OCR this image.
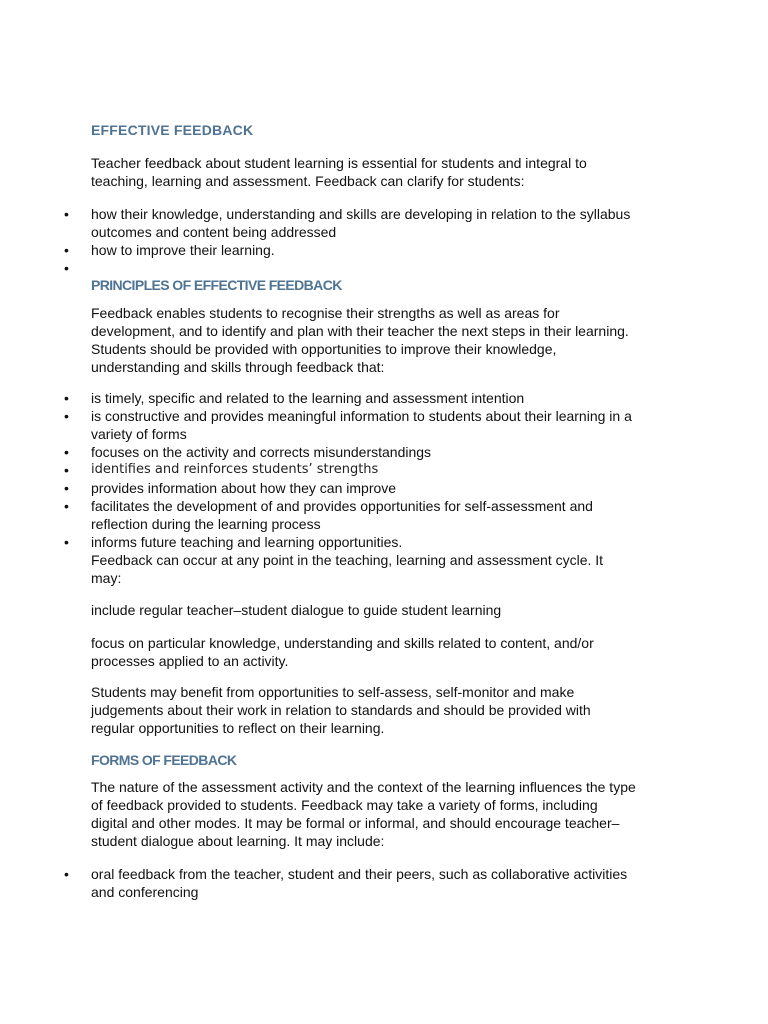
EFFECTIVE FEEDBACK

Teacher feedback about student learning is essential for students and integral to

teaching, learning and assessment. Feedback can clarify for students:

• how their knowledge, understanding and skills are developing in relation to the syllabus
outcomes and content being addressed
• how to improve their learning.
•
PRINCIPLES OF EFFECTIVE FEEDBACK

Feedback enables students to recognise their strengths as well as areas for

development, and to identify and plan with their teacher the next steps in their learning.

Students should be provided with opportunities to improve their knowledge,

understanding and skills through feedback that:

• is timely, specific and related to the learning and assessment intention
• is constructive and provides meaningful information to students about their learning in a
variety of forms
• focuses on the activity and corrects misunderstandings
• identifies and reinforces students’ strengths
• provides information about how they can improve
• facilitates the development of and provides opportunities for self-assessment and
reflection during the learning process
• informs future teaching and learning opportunities.

Feedback can occur at any point in the teaching, learning and assessment cycle. It

may:

include regular teacher–student dialogue to guide student learning

focus on particular knowledge, understanding and skills related to content, and/or

processes applied to an activity.

Students may benefit from opportunities to self-assess, self-monitor and make

judgements about their work in relation to standards and should be provided with

regular opportunities to reflect on their learning.

FORMS OF FEEDBACK

The nature of the assessment activity and the context of the learning influences the type

of feedback provided to students. Feedback may take a variety of forms, including

digital and other modes. It may be formal or informal, and should encourage teacher–

student dialogue about learning. It may include:

• oral feedback from the teacher, student and their peers, such as collaborative activities
and conferencing
